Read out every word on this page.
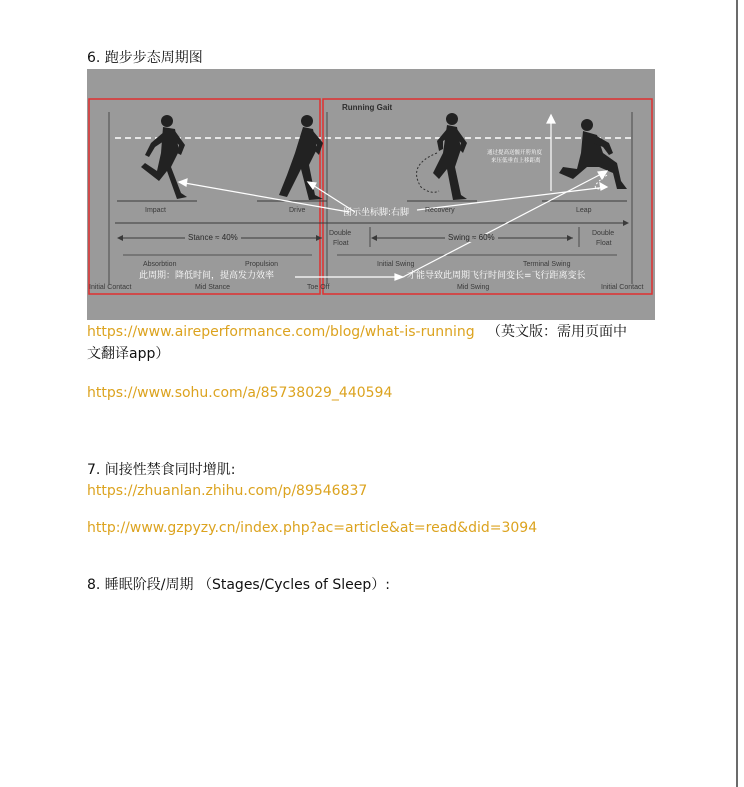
6. 跑步步态周期图
Running Gait
Impact	Drive	Recovery	Leap
Stance ≈ 40%	Double
Float
Swing ≈ 60%	Double
Float
Absorbtion	Propulsion	Initial Swing	Terminal Swing
Initial Contact	Mid Stance	Toe Off	Mid Swing	Initial Contact
图示坐标脚:右脚
此周期：降低时间，提高发力效率	才能导致此周期飞行时间变长=飞行距离变长
通过提高送髋开胯角度
来压低垂直上移距离
https://www.aireperformance.com/blog/what-is-running （英文版：需用页面中
文翻译app）
https://www.sohu.com/a/85738029_440594
7. 间接性禁食同时增肌:
https://zhuanlan.zhihu.com/p/89546837
http://www.gzpyzy.cn/index.php?ac=article&at=read&did=3094
8. 睡眠阶段/周期 （Stages/Cycles of Sleep）:
